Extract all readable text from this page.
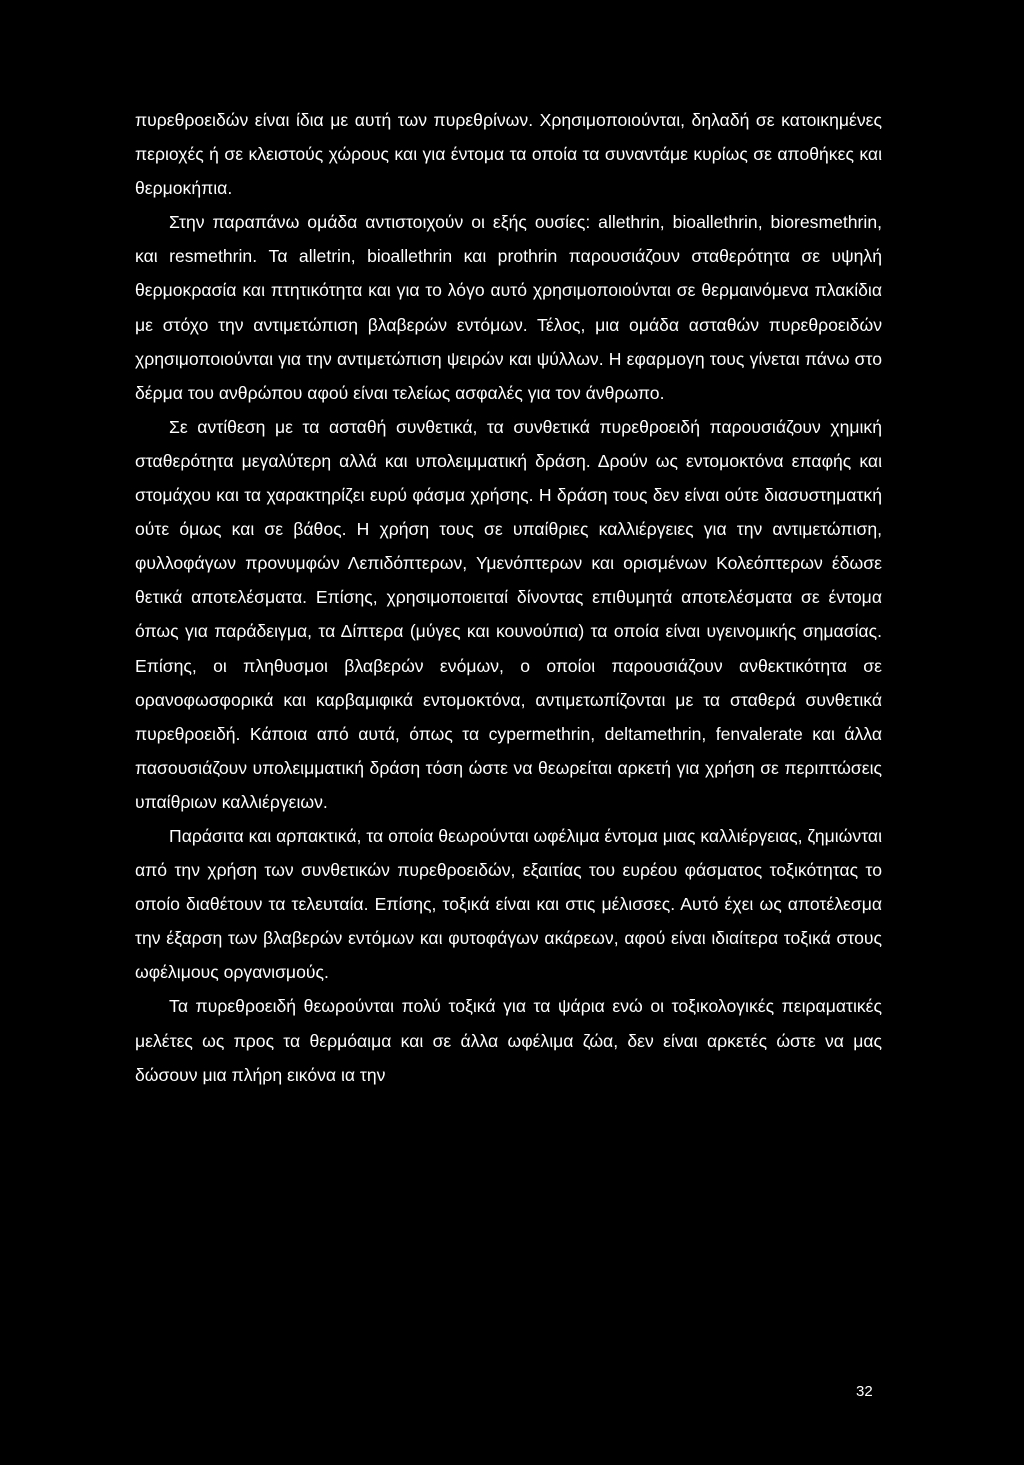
πυρεθροειδών είναι ίδια με αυτή των πυρεθρίνων. Χρησιμοποιούνται, δηλαδή σε κατοικημένες περιοχές ή σε κλειστούς χώρους και για έντομα τα οποία τα συναντάμε κυρίως σε αποθήκες και θερμοκήπια.

Στην παραπάνω ομάδα αντιστοιχούν οι εξής ουσίες: allethrin, bioallethrin, bioresmethrin, και resmethrin. Τα alletrin, bioallethrin και prothrin παρουσιάζουν σταθερότητα σε υψηλή θερμοκρασία και πτητικότητα και για το λόγο αυτό χρησιμοποιούνται σε θερμαινόμενα πλακίδια με στόχο την αντιμετώπιση βλαβερών εντόμων. Τέλος, μια ομάδα ασταθών πυρεθροειδών χρησιμοποιούνται για την αντιμετώπιση ψειρών και ψύλλων. Η εφαρμογη τους γίνεται πάνω στο δέρμα του ανθρώπου αφού είναι τελείως ασφαλές για τον άνθρωπο.

Σε αντίθεση με τα ασταθή συνθετικά, τα συνθετικά πυρεθροειδή παρουσιάζουν χημική σταθερότητα μεγαλύτερη αλλά και υπολειμματική δράση. Δρούν ως εντομοκτόνα επαφής και στομάχου και τα χαρακτηρίζει ευρύ φάσμα χρήσης. Η δράση τους δεν είναι ούτε διασυστηματκή ούτε όμως και σε βάθος. Η χρήση τους σε υπαίθριες καλλιέργειες για την αντιμετώπιση, φυλλοφάγων προνυμφών Λεπιδόπτερων, Υμενόπτερων και ορισμένων Κολεόπτερων έδωσε θετικά αποτελέσματα. Επίσης, χρησιμοποιειταί δίνοντας επιθυμητά αποτελέσματα σε έντομα όπως για παράδειγμα, τα Δίπτερα (μύγες και κουνούπια) τα οποία είναι υγεινομικής σημασίας. Επίσης, οι πληθυσμοι βλαβερών ενόμων, ο οποίοι παρουσιάζουν ανθεκτικότητα σε ορανοφωσφορικά και καρβαμιφικά εντομοκτόνα, αντιμετωπίζονται με τα σταθερά συνθετικά πυρεθροειδή. Κάποια από αυτά, όπως τα cypermethrin, deltamethrin, fenvalerate και άλλα πασουσιάζουν υπολειμματική δράση τόση ώστε να θεωρείται αρκετή για χρήση σε περιπτώσεις υπαίθριων καλλιέργειων.

Παράσιτα και αρπακτικά, τα οποία θεωρούνται ωφέλιμα έντομα μιας καλλιέργειας, ζημιώνται από την χρήση των συνθετικών πυρεθροειδών, εξαιτίας του ευρέου φάσματος τοξικότητας το οποίο διαθέτουν τα τελευταία. Επίσης, τοξικά είναι και στις μέλισσες. Αυτό έχει ως αποτέλεσμα την έξαρση των βλαβερών εντόμων και φυτοφάγων ακάρεων, αφού είναι ιδιαίτερα τοξικά στους ωφέλιμους οργανισμούς.

Τα πυρεθροειδή θεωρούνται πολύ τοξικά για τα ψάρια ενώ οι τοξικολογικές πειραματικές μελέτες ως προς τα θερμόαιμα και σε άλλα ωφέλιμα ζώα, δεν είναι αρκετές ώστε να μας δώσουν μια πλήρη εικόνα ια την

32
